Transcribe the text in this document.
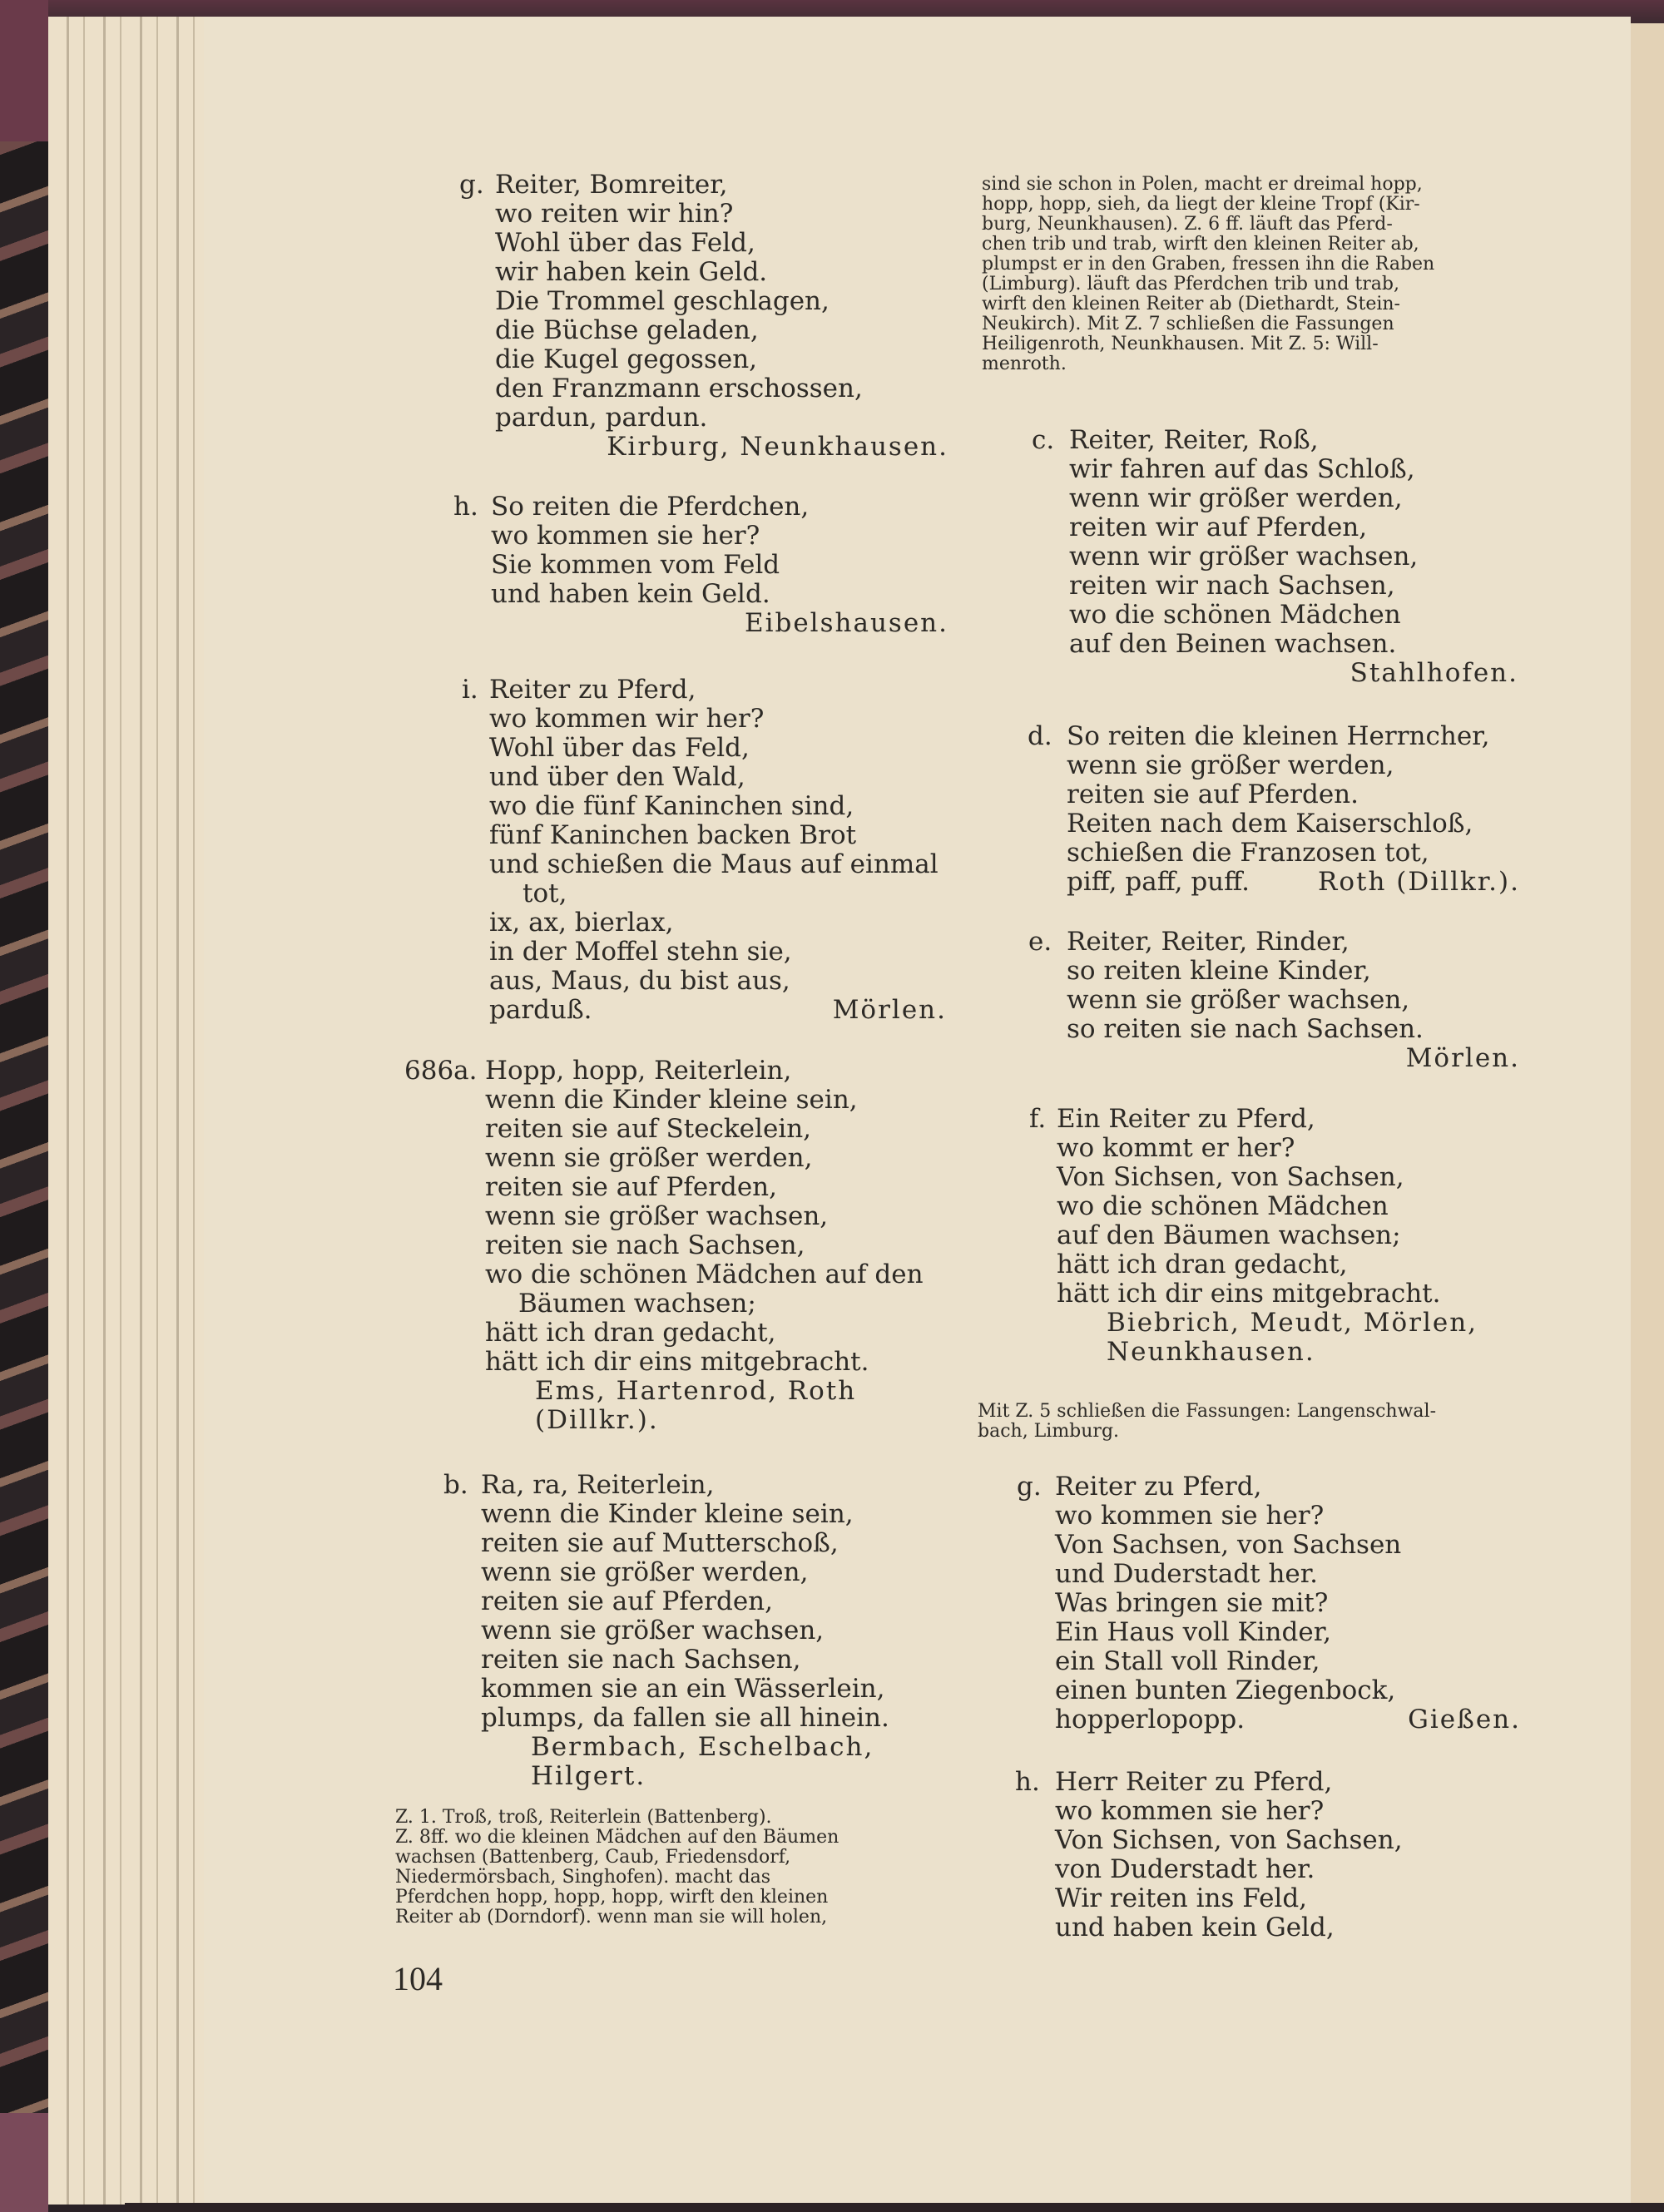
g. Reiter, Bomreiter,
wo reiten wir hin?
Wohl über das Feld,
wir haben kein Geld.
Die Trommel geschlagen,
die Büchse geladen,
die Kugel gegossen,
den Franzmann erschossen,
pardun, pardun.
Kirburg, Neunkhausen.
h. So reiten die Pferdchen,
wo kommen sie her?
Sie kommen vom Feld
und haben kein Geld.
Eibelshausen.
i. Reiter zu Pferd,
wo kommen wir her?
Wohl über das Feld,
und über den Wald,
wo die fünf Kaninchen sind,
fünf Kaninchen backen Brot
und schießen die Maus auf einmal
tot,
ix, ax, bierlax,
in der Moffel stehn sie,
aus, Maus, du bist aus,
parduß.	Mörlen.
686a. Hopp, hopp, Reiterlein,
wenn die Kinder kleine sein,
reiten sie auf Steckelein,
wenn sie größer werden,
reiten sie auf Pferden,
wenn sie größer wachsen,
reiten sie nach Sachsen,
wo die schönen Mädchen auf den
Bäumen wachsen;
hätt ich dran gedacht,
hätt ich dir eins mitgebracht.
Ems, Hartenrod, Roth
(Dillkr.).
b. Ra, ra, Reiterlein,
wenn die Kinder kleine sein,
reiten sie auf Mutterschoß,
wenn sie größer werden,
reiten sie auf Pferden,
wenn sie größer wachsen,
reiten sie nach Sachsen,
kommen sie an ein Wässerlein,
plumps, da fallen sie all hinein.
Bermbach, Eschelbach,
Hilgert.
Z. 1. Troß, troß, Reiterlein (Battenberg).
Z. 8ff. wo die kleinen Mädchen auf den Bäumen
wachsen (Battenberg, Caub, Friedensdorf,
Niedermörsbach, Singhofen). macht das
Pferdchen hopp, hopp, hopp, wirft den kleinen
Reiter ab (Dorndorf). wenn man sie will holen,
104
sind sie schon in Polen, macht er dreimal hopp,
hopp, hopp, sieh, da liegt der kleine Tropf (Kir-
burg, Neunkhausen). Z. 6 ff. läuft das Pferd-
chen trib und trab, wirft den kleinen Reiter ab,
plumpst er in den Graben, fressen ihn die Raben
(Limburg). läuft das Pferdchen trib und trab,
wirft den kleinen Reiter ab (Diethardt, Stein-
Neukirch). Mit Z. 7 schließen die Fassungen
Heiligenroth, Neunkhausen. Mit Z. 5: Will-
menroth.
c. Reiter, Reiter, Roß,
wir fahren auf das Schloß,
wenn wir größer werden,
reiten wir auf Pferden,
wenn wir größer wachsen,
reiten wir nach Sachsen,
wo die schönen Mädchen
auf den Beinen wachsen.
Stahlhofen.
d. So reiten die kleinen Herrncher,
wenn sie größer werden,
reiten sie auf Pferden.
Reiten nach dem Kaiserschloß,
schießen die Franzosen tot,
piff, paff, puff.	Roth (Dillkr.).
e. Reiter, Reiter, Rinder,
so reiten kleine Kinder,
wenn sie größer wachsen,
so reiten sie nach Sachsen.
Mörlen.
f. Ein Reiter zu Pferd,
wo kommt er her?
Von Sichsen, von Sachsen,
wo die schönen Mädchen
auf den Bäumen wachsen;
hätt ich dran gedacht,
hätt ich dir eins mitgebracht.
Biebrich, Meudt, Mörlen,
Neunkhausen.
Mit Z. 5 schließen die Fassungen: Langenschwal-
bach, Limburg.
g. Reiter zu Pferd,
wo kommen sie her?
Von Sachsen, von Sachsen
und Duderstadt her.
Was bringen sie mit?
Ein Haus voll Kinder,
ein Stall voll Rinder,
einen bunten Ziegenbock,
hopperlopopp.	Gießen.
h. Herr Reiter zu Pferd,
wo kommen sie her?
Von Sichsen, von Sachsen,
von Duderstadt her.
Wir reiten ins Feld,
und haben kein Geld,
